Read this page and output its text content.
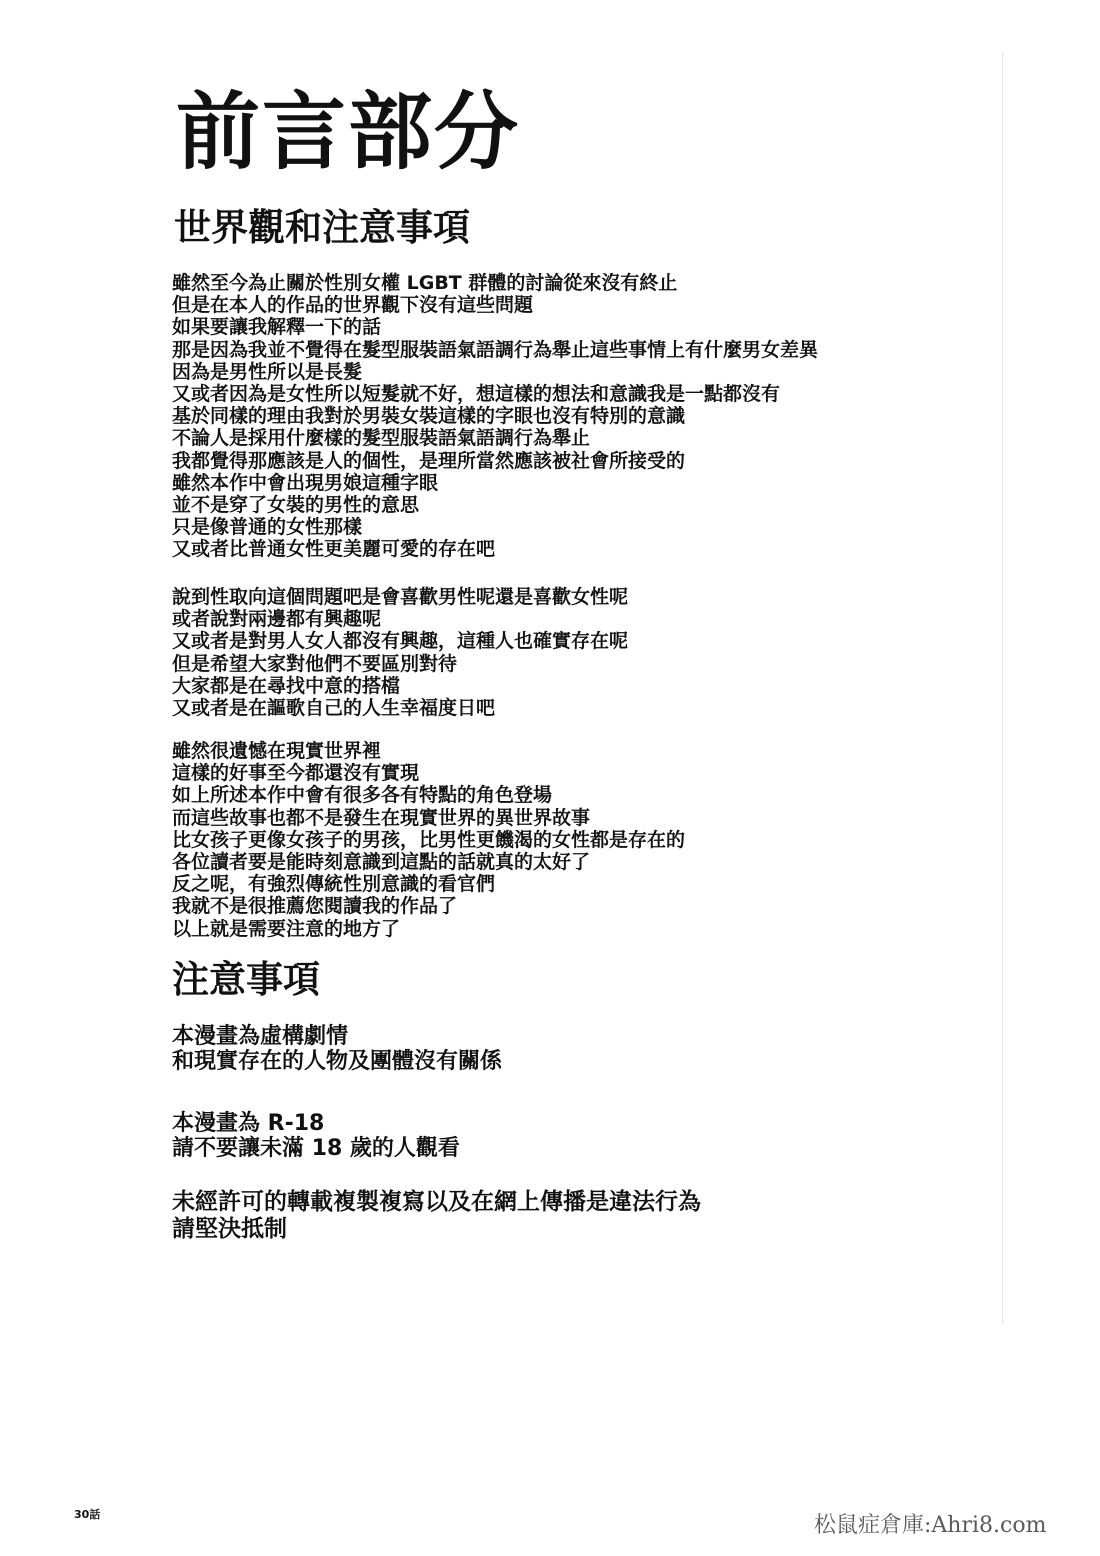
前言部分
世界觀和注意事項
雖然至今為止關於性別女權 LGBT 群體的討論從來沒有終止
但是在本人的作品的世界觀下沒有這些問題
如果要讓我解釋一下的話
那是因為我並不覺得在髮型服裝語氣語調行為舉止這些事情上有什麼男女差異
因為是男性所以是長髮
又或者因為是女性所以短髮就不好，想這樣的想法和意識我是一點都沒有
基於同樣的理由我對於男裝女裝這樣的字眼也沒有特別的意識
不論人是採用什麼樣的髮型服裝語氣語調行為舉止
我都覺得那應該是人的個性，是理所當然應該被社會所接受的
雖然本作中會出現男娘這種字眼
並不是穿了女裝的男性的意思
只是像普通的女性那樣
又或者比普通女性更美麗可愛的存在吧
說到性取向這個問題吧是會喜歡男性呢還是喜歡女性呢
或者說對兩邊都有興趣呢
又或者是對男人女人都沒有興趣，這種人也確實存在呢
但是希望大家對他們不要區別對待
大家都是在尋找中意的搭檔
又或者是在謳歌自己的人生幸福度日吧
雖然很遺憾在現實世界裡
這樣的好事至今都還沒有實現
如上所述本作中會有很多各有特點的角色登場
而這些故事也都不是發生在現實世界的異世界故事
比女孩子更像女孩子的男孩，比男性更饑渴的女性都是存在的
各位讀者要是能時刻意識到這點的話就真的太好了
反之呢，有強烈傳統性別意識的看官們
我就不是很推薦您閱讀我的作品了
以上就是需要注意的地方了
注意事項
本漫畫為虛構劇情
和現實存在的人物及團體沒有關係
本漫畫為 R-18
請不要讓未滿 18 歲的人觀看
未經許可的轉載複製複寫以及在網上傳播是違法行為
請堅決抵制
30話	松鼠症倉庫:Ahri8.com
